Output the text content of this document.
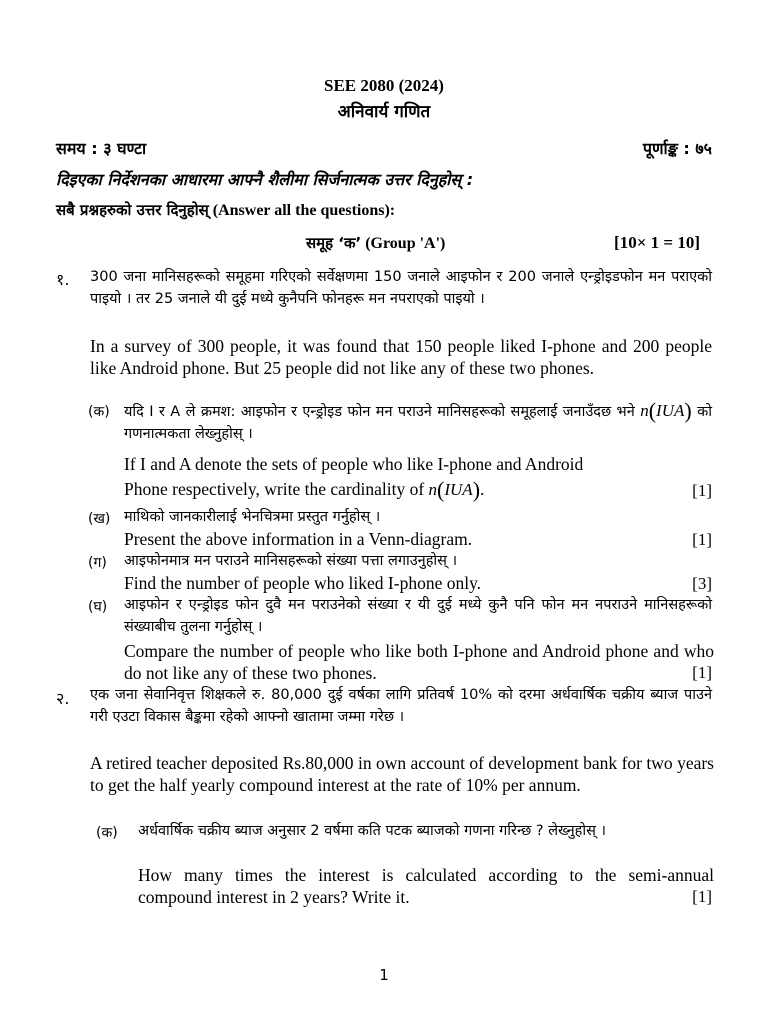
SEE 2080 (2024)
अनिवार्य गणित
समय : ३ घण्टा	पूर्णाङ्क : ७५
दिइएका निर्देशनका आधारमा आफ्नै शैलीमा सिर्जनात्मक उत्तर दिनुहोस् :
सबै प्रश्नहरुको उत्तर दिनुहोस् (Answer all the questions):
समूह ‘क’ (Group 'A')	[10× 1 = 10]
१. 300 जना मानिसहरूको समूहमा गरिएको सर्वेक्षणमा 150 जनाले आइफोन र 200 जनाले एन्ड्रोइडफोन मन पराएको पाइयो । तर 25 जनाले यी दुई मध्ये कुनैपनि फोनहरू मन नपराएको पाइयो ।
In a survey of 300 people, it was found that 150 people liked I-phone and 200 people like Android phone. But 25 people did not like any of these two phones.
(क) यदि I र A ले क्रमश: आइफोन र एन्ड्रोइड फोन मन पराउने मानिसहरूको समूहलाई जनाउँदछ भने n(IUA) को गणनात्मकता लेख्नुहोस् ।
If I and A denote the sets of people who like I-phone and Android
Phone respectively, write the cardinality of n(IUA).	[1]
(ख) माथिको जानकारीलाई भेनचित्रमा प्रस्तुत गर्नुहोस् ।
Present the above information in a Venn-diagram.	[1]
(ग) आइफोनमात्र मन पराउने मानिसहरूको संख्या पत्ता लगाउनुहोस् ।
Find the number of people who liked I-phone only.	[3]
(घ) आइफोन र एन्ड्रोइड फोन दुवै मन पराउनेको संख्या र यी दुई मध्ये कुनै पनि फोन मन नपराउने मानिसहरूको संख्याबीच तुलना गर्नुहोस् ।
Compare the number of people who like both I-phone and Android phone and who do not like any of these two phones.	[1]
२. एक जना सेवानिवृत्त शिक्षकले रु. 80,000 दुई वर्षका लागि प्रतिवर्ष 10% को दरमा अर्धवार्षिक चक्रीय ब्याज पाउने गरी एउटा विकास बैङ्कमा रहेको आफ्नो खातामा जम्मा गरेछ ।
A retired teacher deposited Rs.80,000 in own account of development bank for two years to get the half yearly compound interest at the rate of 10% per annum.
(क) अर्धवार्षिक चक्रीय ब्याज अनुसार 2 वर्षमा कति पटक ब्याजको गणना गरिन्छ ? लेख्नुहोस् ।
How many times the interest is calculated according to the semi-annual compound interest in 2 years? Write it.	[1]
1
